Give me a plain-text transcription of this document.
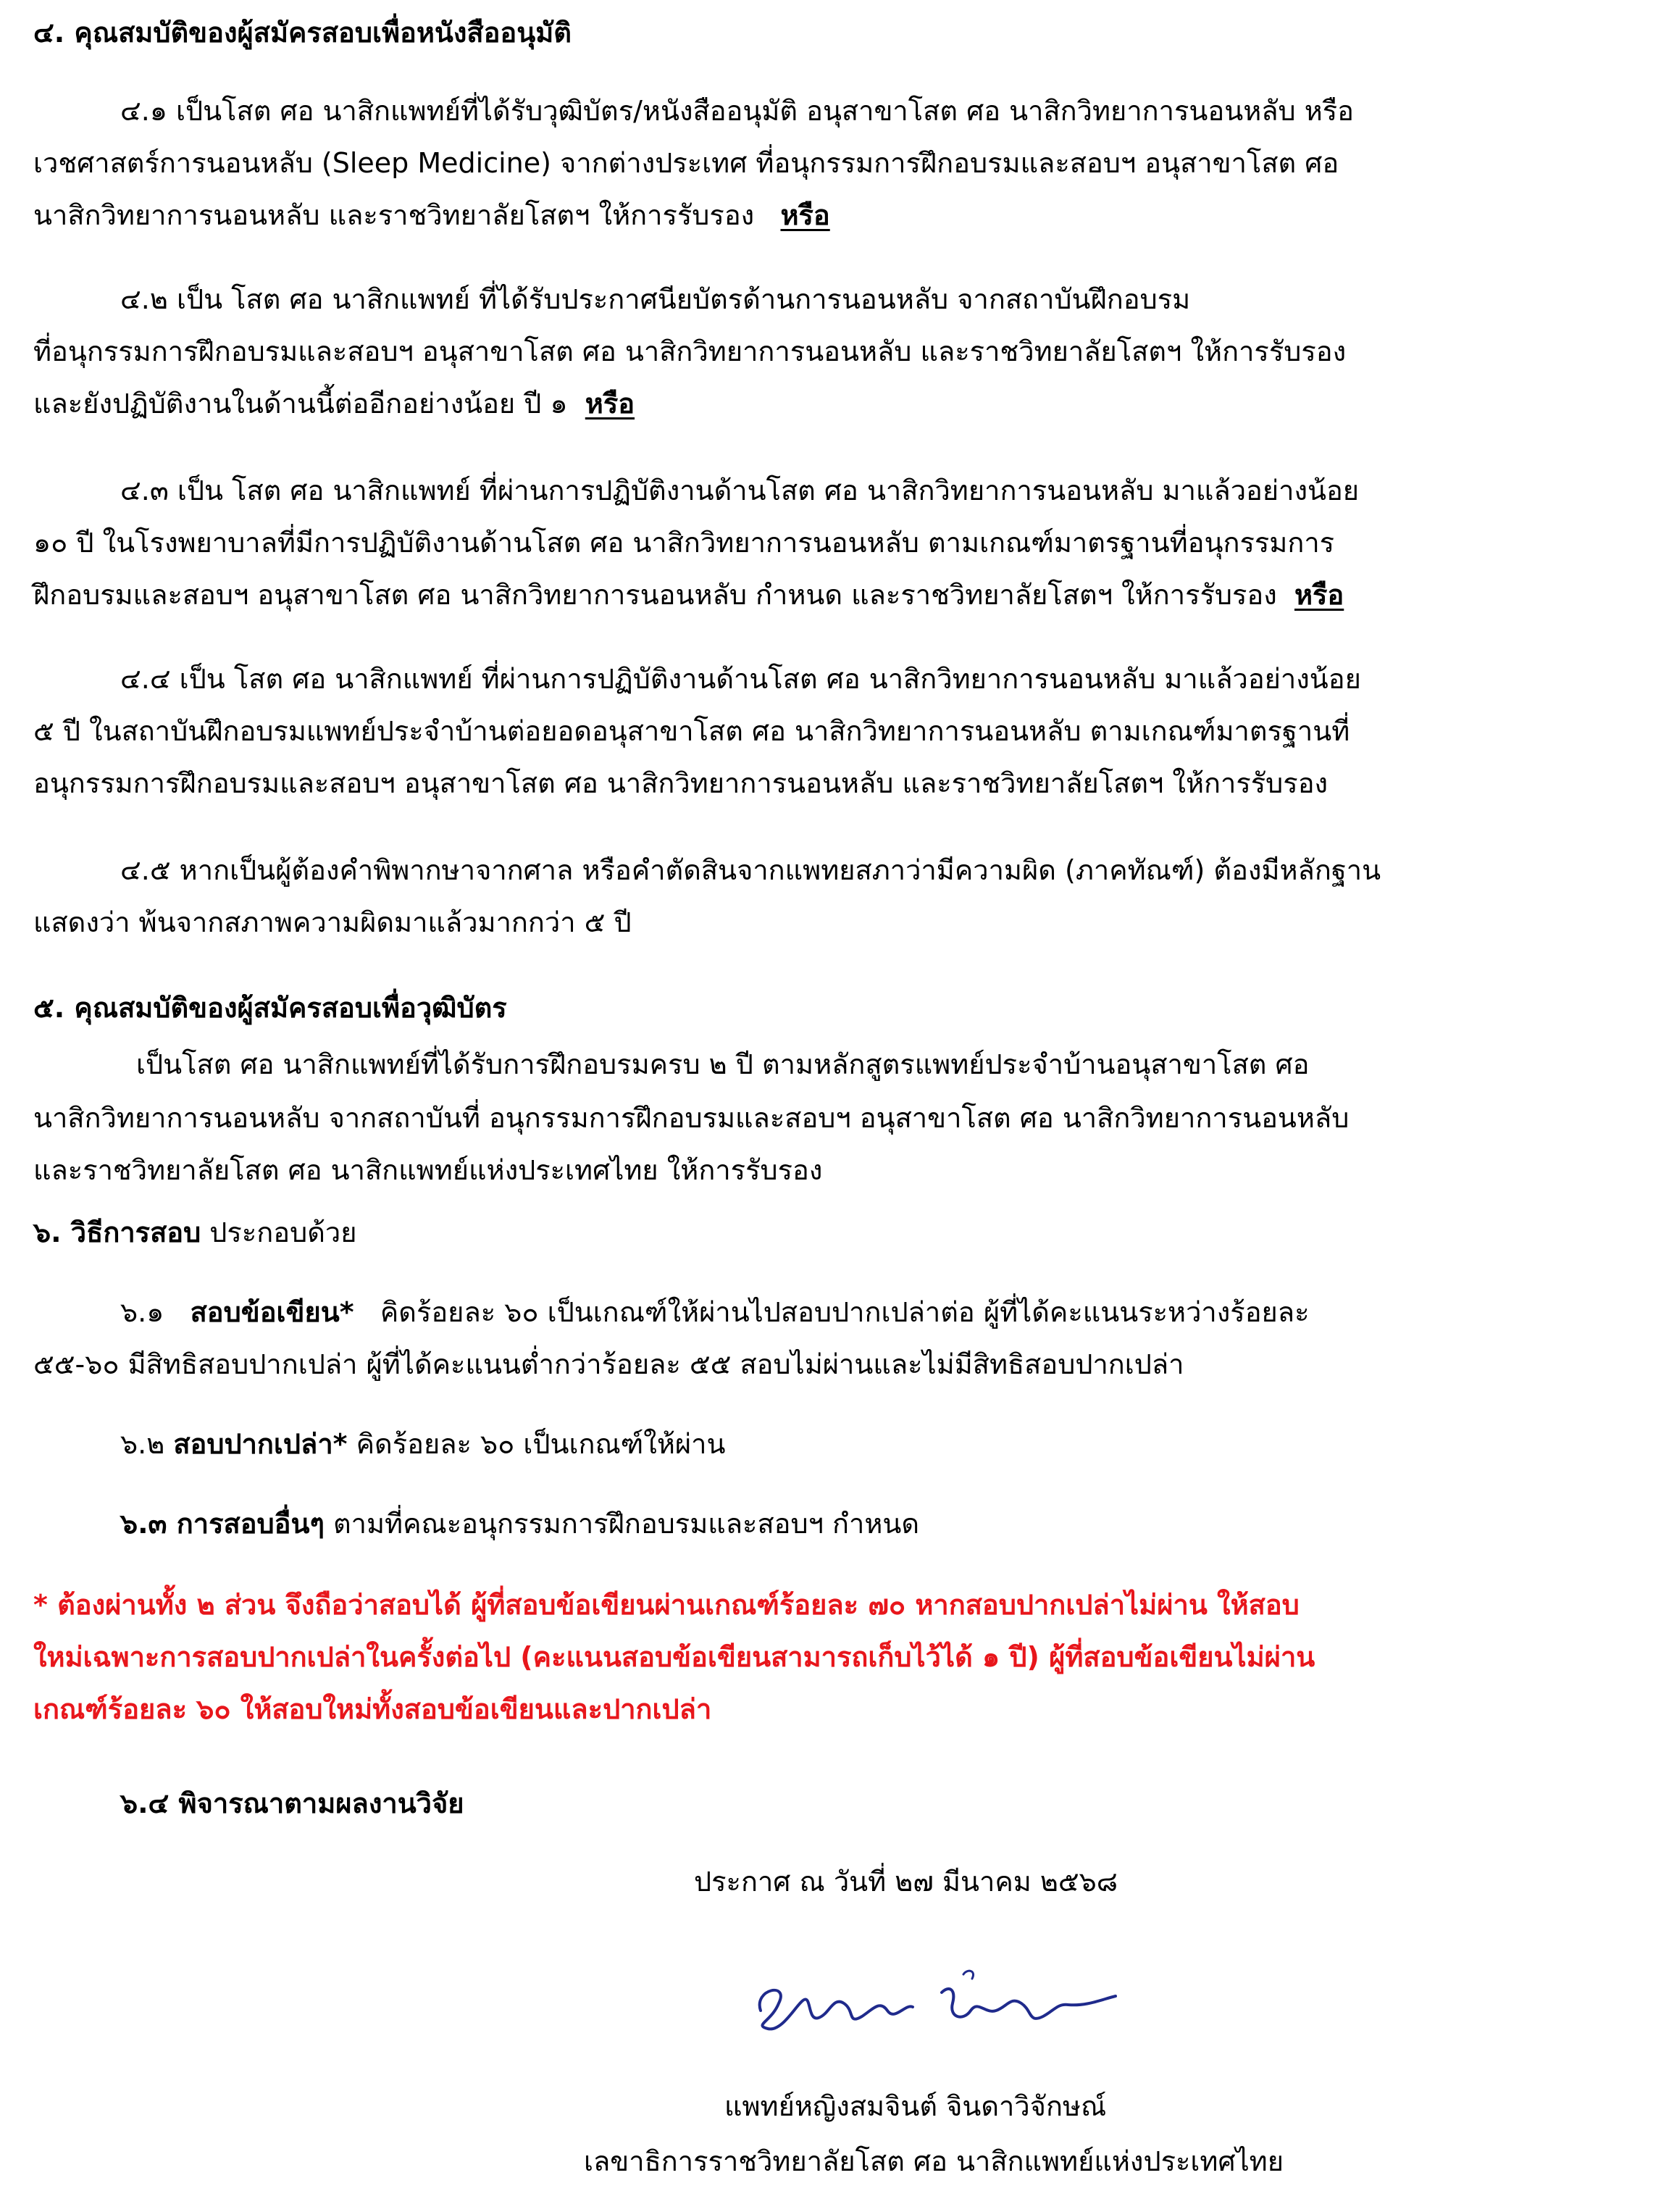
๔. คุณสมบัติของผู้สมัครสอบเพื่อหนังสืออนุมัติ
๔.๑ เป็นโสต ศอ นาสิกแพทย์ที่ได้รับวุฒิบัตร/หนังสืออนุมัติ อนุสาขาโสต ศอ นาสิกวิทยาการนอนหลับ หรือ
เวชศาสตร์การนอนหลับ (Sleep Medicine) จากต่างประเทศ ที่อนุกรรมการฝึกอบรมและสอบฯ อนุสาขาโสต ศอ
นาสิกวิทยาการนอนหลับ และราชวิทยาลัยโสตฯ ให้การรับรอง หรือ
๔.๒ เป็น โสต ศอ นาสิกแพทย์ ที่ได้รับประกาศนียบัตรด้านการนอนหลับ จากสถาบันฝึกอบรม
ที่อนุกรรมการฝึกอบรมและสอบฯ อนุสาขาโสต ศอ นาสิกวิทยาการนอนหลับ และราชวิทยาลัยโสตฯ ให้การรับรอง
และยังปฏิบัติงานในด้านนี้ต่ออีกอย่างน้อย ปี ๑ หรือ
๔.๓ เป็น โสต ศอ นาสิกแพทย์ ที่ผ่านการปฏิบัติงานด้านโสต ศอ นาสิกวิทยาการนอนหลับ มาแล้วอย่างน้อย
๑๐ ปี ในโรงพยาบาลที่มีการปฏิบัติงานด้านโสต ศอ นาสิกวิทยาการนอนหลับ ตามเกณฑ์มาตรฐานที่อนุกรรมการ
ฝึกอบรมและสอบฯ อนุสาขาโสต ศอ นาสิกวิทยาการนอนหลับ กำหนด และราชวิทยาลัยโสตฯ ให้การรับรอง หรือ
๔.๔ เป็น โสต ศอ นาสิกแพทย์ ที่ผ่านการปฏิบัติงานด้านโสต ศอ นาสิกวิทยาการนอนหลับ มาแล้วอย่างน้อย
๕ ปี ในสถาบันฝึกอบรมแพทย์ประจำบ้านต่อยอดอนุสาขาโสต ศอ นาสิกวิทยาการนอนหลับ ตามเกณฑ์มาตรฐานที่
อนุกรรมการฝึกอบรมและสอบฯ อนุสาขาโสต ศอ นาสิกวิทยาการนอนหลับ และราชวิทยาลัยโสตฯ ให้การรับรอง
๔.๕ หากเป็นผู้ต้องคำพิพากษาจากศาล หรือคำตัดสินจากแพทยสภาว่ามีความผิด (ภาคทัณฑ์) ต้องมีหลักฐาน
แสดงว่า พ้นจากสภาพความผิดมาแล้วมากกว่า ๕ ปี
๕. คุณสมบัติของผู้สมัครสอบเพื่อวุฒิบัตร
เป็นโสต ศอ นาสิกแพทย์ที่ได้รับการฝึกอบรมครบ ๒ ปี ตามหลักสูตรแพทย์ประจำบ้านอนุสาขาโสต ศอ
นาสิกวิทยาการนอนหลับ จากสถาบันที่ อนุกรรมการฝึกอบรมและสอบฯ อนุสาขาโสต ศอ นาสิกวิทยาการนอนหลับ
และราชวิทยาลัยโสต ศอ นาสิกแพทย์แห่งประเทศไทย ให้การรับรอง
๖. วิธีการสอบ ประกอบด้วย
๖.๑ สอบข้อเขียน* คิดร้อยละ ๖๐ เป็นเกณฑ์ให้ผ่านไปสอบปากเปล่าต่อ ผู้ที่ได้คะแนนระหว่างร้อยละ
๕๕-๖๐ มีสิทธิสอบปากเปล่า ผู้ที่ได้คะแนนต่ำกว่าร้อยละ ๕๕ สอบไม่ผ่านและไม่มีสิทธิสอบปากเปล่า
๖.๒ สอบปากเปล่า* คิดร้อยละ ๖๐ เป็นเกณฑ์ให้ผ่าน
๖.๓ การสอบอื่นๆ ตามที่คณะอนุกรรมการฝึกอบรมและสอบฯ กำหนด
* ต้องผ่านทั้ง ๒ ส่วน จึงถือว่าสอบได้ ผู้ที่สอบข้อเขียนผ่านเกณฑ์ร้อยละ ๗๐ หากสอบปากเปล่าไม่ผ่าน ให้สอบ
ใหม่เฉพาะการสอบปากเปล่าในครั้งต่อไป (คะแนนสอบข้อเขียนสามารถเก็บไว้ได้ ๑ ปี) ผู้ที่สอบข้อเขียนไม่ผ่าน
เกณฑ์ร้อยละ ๖๐ ให้สอบใหม่ทั้งสอบข้อเขียนและปากเปล่า
๖.๔ พิจารณาตามผลงานวิจัย
ประกาศ ณ วันที่ ๒๗ มีนาคม ๒๕๖๘
แพทย์หญิงสมจินต์ จินดาวิจักษณ์
เลขาธิการราชวิทยาลัยโสต ศอ นาสิกแพทย์แห่งประเทศไทย
